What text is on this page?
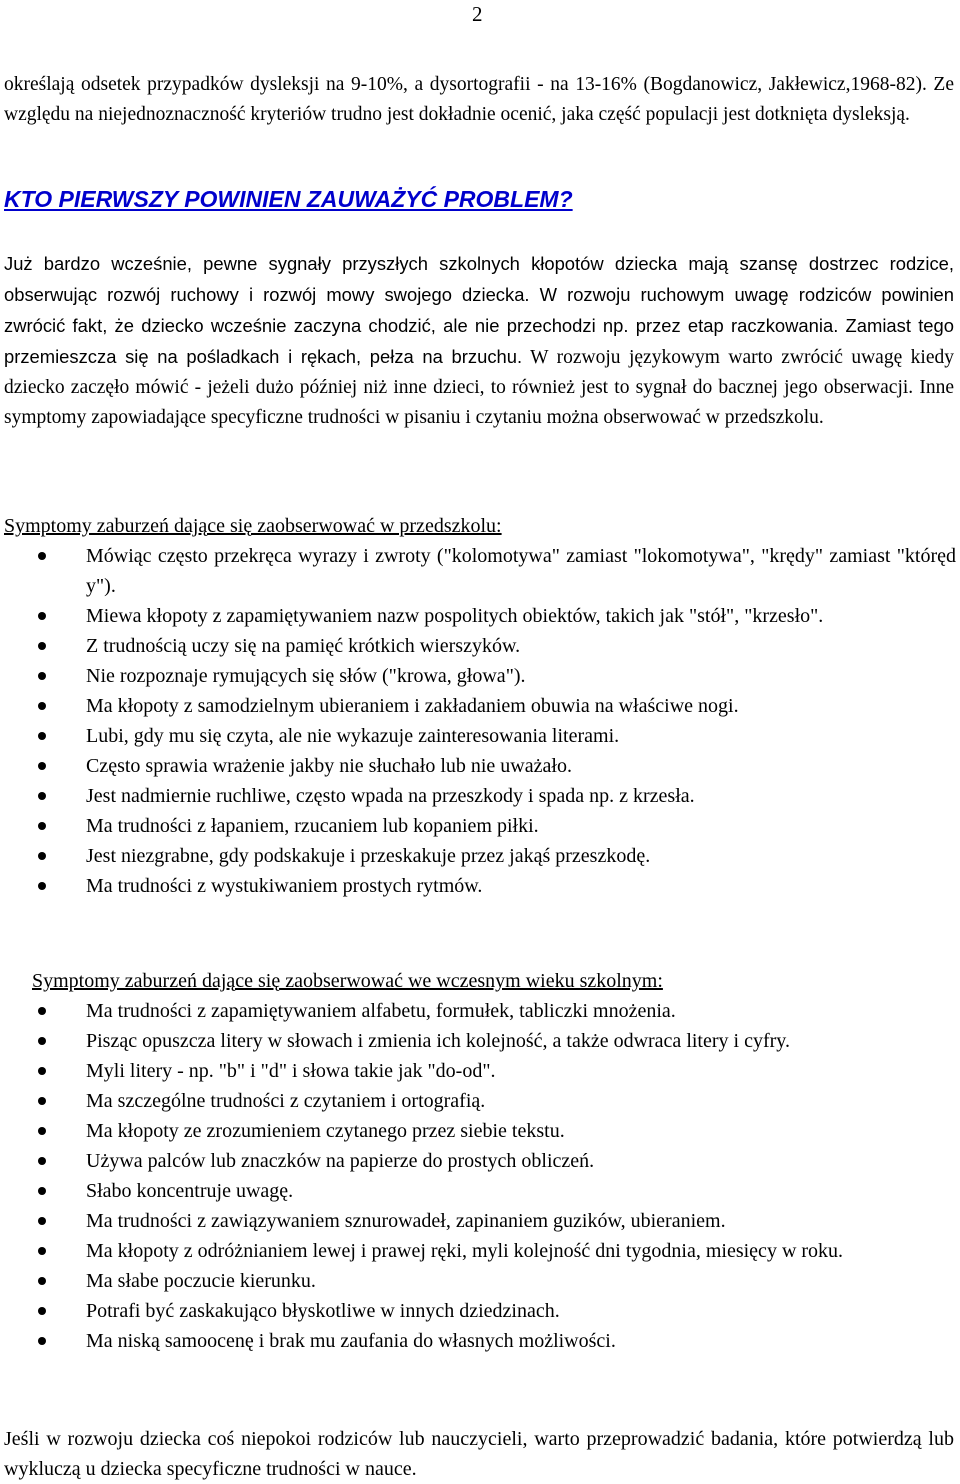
2

określają odsetek przypadków dysleksji na 9-10%, a dysortografii - na 13-16% (Bogdanowicz, Jakłewicz,1968-82). Ze względu na niejednoznaczność kryteriów trudno jest dokładnie ocenić, jaka część populacji jest dotknięta dysleksją.

KTO PIERWSZY POWINIEN ZAUWAŻYĆ PROBLEM?

Już bardzo wcześnie, pewne sygnały przyszłych szkolnych kłopotów dziecka mają szansę dostrzec rodzice, obserwując rozwój ruchowy i rozwój mowy swojego dziecka. W rozwoju ruchowym uwagę rodziców powinien zwrócić fakt, że dziecko wcześnie zaczyna chodzić, ale nie przechodzi np. przez etap raczkowania. Zamiast tego przemieszcza się na pośladkach i rękach, pełza na brzuchu. W rozwoju językowym warto zwrócić uwagę kiedy dziecko zaczęło mówić - jeżeli dużo później niż inne dzieci, to również jest to sygnał do bacznej jego obserwacji. Inne symptomy zapowiadające specyficzne trudności w pisaniu i czytaniu można obserwować w przedszkolu.

Symptomy zaburzeń dające się zaobserwować w przedszkolu:
Mówiąc często przekręca wyrazy i zwroty ("kolomotywa" zamiast "lokomotywa", "krędy" zamiast "któręd y").
Miewa kłopoty z zapamiętywaniem nazw pospolitych obiektów, takich jak "stół", "krzesło".
Z trudnością uczy się na pamięć krótkich wierszyków.
Nie rozpoznaje rymujących się słów ("krowa, głowa").
Ma kłopoty z samodzielnym ubieraniem i zakładaniem obuwia na właściwe nogi.
Lubi, gdy mu się czyta, ale nie wykazuje zainteresowania literami.
Często sprawia wrażenie jakby nie słuchało lub nie uważało.
Jest nadmiernie ruchliwe, często wpada na przeszkody i spada np. z krzesła.
Ma trudności z łapaniem, rzucaniem lub kopaniem piłki.
Jest niezgrabne, gdy podskakuje i przeskakuje przez jakąś przeszkodę.
Ma trudności z wystukiwaniem prostych rytmów.
Symptomy zaburzeń dające się zaobserwować we wczesnym wieku szkolnym:
Ma trudności z zapamiętywaniem alfabetu, formułek, tabliczki mnożenia.
Pisząc opuszcza litery w słowach i zmienia ich kolejność, a także odwraca litery i cyfry.
Myli litery - np. "b" i "d" i słowa takie jak "do-od".
Ma szczególne trudności z czytaniem i ortografią.
Ma kłopoty ze zrozumieniem czytanego przez siebie tekstu.
Używa palców lub znaczków na papierze do prostych obliczeń.
Słabo koncentruje uwagę.
Ma trudności z zawiązywaniem sznurowadeł, zapinaniem guzików, ubieraniem.
Ma kłopoty z odróżnianiem lewej i prawej ręki, myli kolejność dni tygodnia, miesięcy w roku.
Ma słabe poczucie kierunku.
Potrafi być zaskakująco błyskotliwe w innych dziedzinach.
Ma niską samoocenę i brak mu zaufania do własnych możliwości.

Jeśli w rozwoju dziecka coś niepokoi rodziców lub nauczycieli, warto przeprowadzić badania, które potwierdzą lub wykluczą u dziecka specyficzne trudności w nauce.
